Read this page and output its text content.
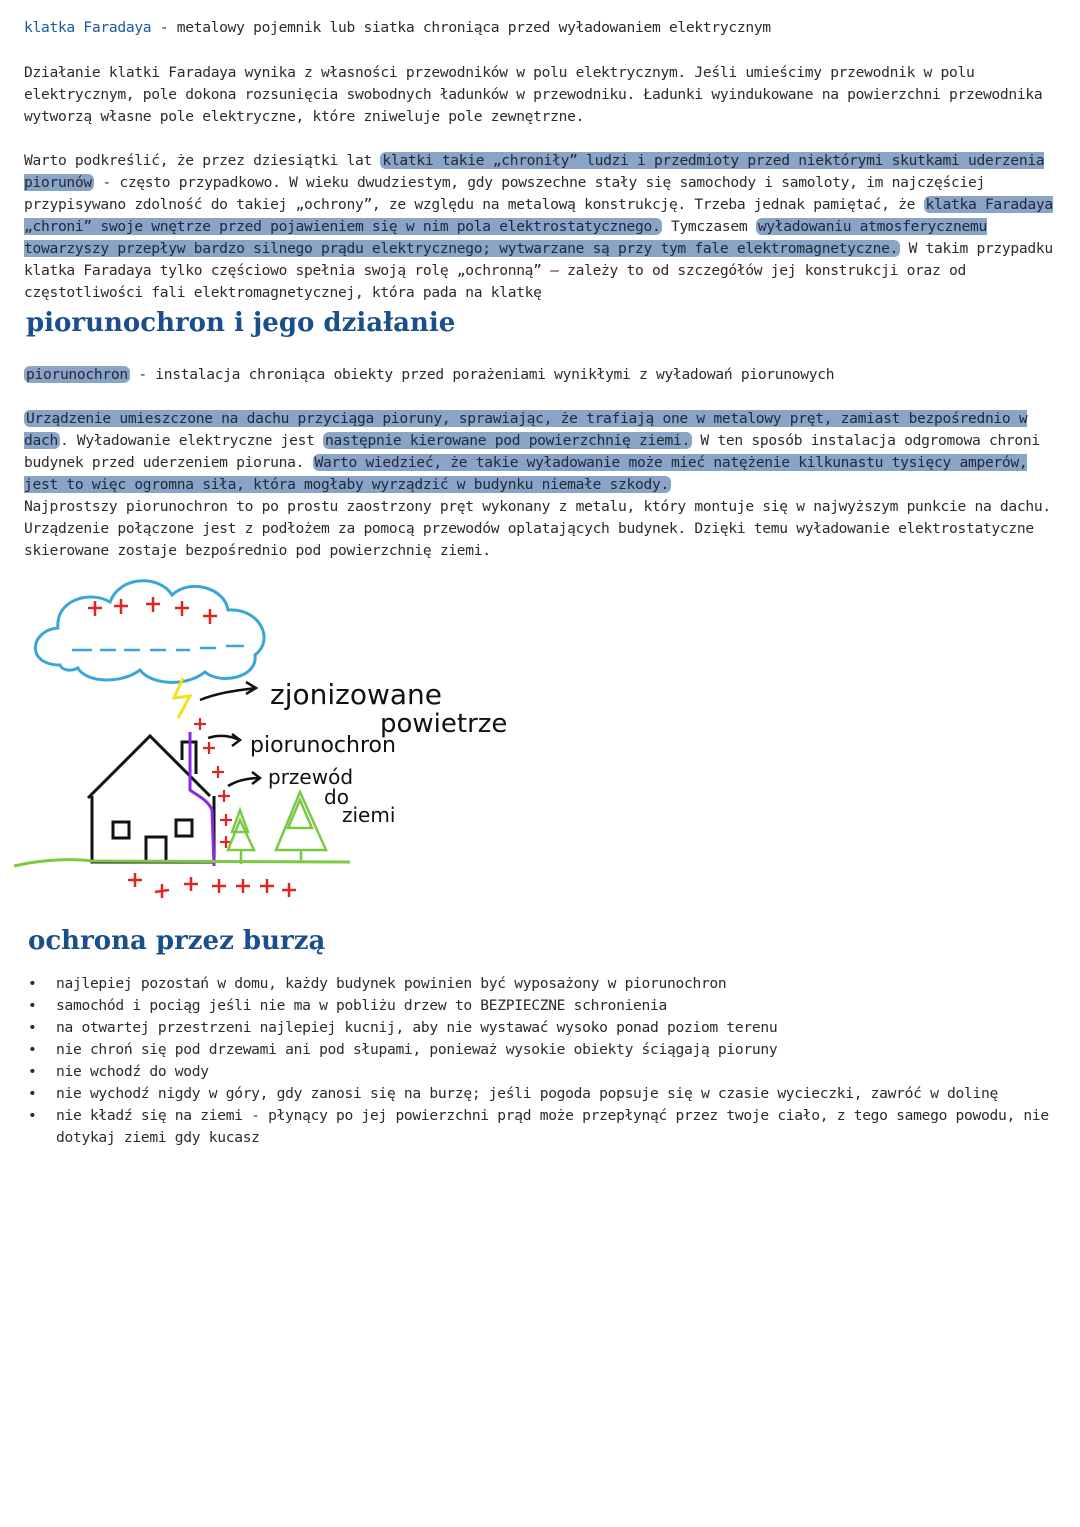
klatka Faradaya - metalowy pojemnik lub siatka chroniąca przed wyładowaniem elektrycznym

Działanie klatki Faradaya wynika z własności przewodników w polu elektrycznym. Jeśli umieścimy przewodnik w polu elektrycznym, pole dokona rozsunięcia swobodnych ładunków w przewodniku. Ładunki wyindukowane na powierzchni przewodnika wytworzą własne pole elektryczne, które zniweluje pole zewnętrzne.

Warto podkreślić, że przez dziesiątki lat klatki takie „chroniły” ludzi i przedmioty przed niektórymi skutkami uderzenia piorunów - często przypadkowo. W wieku dwudziestym, gdy powszechne stały się samochody i samoloty, im najczęściej przypisywano zdolność do takiej „ochrony”, ze względu na metalową konstrukcję. Trzeba jednak pamiętać, że klatka Faradaya „chroni” swoje wnętrze przed pojawieniem się w nim pola elektrostatycznego. Tymczasem wyładowaniu atmosferycznemu towarzyszy przepływ bardzo silnego prądu elektrycznego; wytwarzane są przy tym fale elektromagnetyczne. W takim przypadku klatka Faradaya tylko częściowo spełnia swoją rolę „ochronną” — zależy to od szczegółów jej konstrukcji oraz od częstotliwości fali elektromagnetycznej, która pada na klatkę

piorunochron i jego działanie

piorunochron - instalacja chroniąca obiekty przed porażeniami wynikłymi z wyładowań piorunowych

Urządzenie umieszczone na dachu przyciąga pioruny, sprawiając, że trafiają one w metalowy pręt, zamiast bezpośrednio w dach . Wyładowanie elektryczne jest następnie kierowane pod powierzchnię ziemi. W ten sposób instalacja odgromowa chroni budynek przed uderzeniem pioruna. Warto wiedzieć, że takie wyładowanie może mieć natężenie kilkunastu tysięcy amperów, jest to więc ogromna siła, która mogłaby wyrządzić w budynku niemałe szkody.

Najprostszy piorunochron to po prostu zaostrzony pręt wykonany z metalu, który montuje się w najwyższym punkcie na dachu. Urządzenie połączone jest z podłożem za pomocą przewodów oplatających budynek. Dzięki temu wyładowanie elektrostatyczne skierowane zostaje bezpośrednio pod powierzchnię ziemi.

zjonizowane
powietrze
piorunochron
przewód
do
ziemi
ochrona przez burzą
• najlepiej pozostań w domu, każdy budynek powinien być wyposażony w piorunochron
• samochód i pociąg jeśli nie ma w pobliżu drzew to BEZPIECZNE schronienia
• na otwartej przestrzeni najlepiej kucnij, aby nie wystawać wysoko ponad poziom terenu
• nie chroń się pod drzewami ani pod słupami, ponieważ wysokie obiekty ściągają pioruny
• nie wchodź do wody
• nie wychodź nigdy w góry, gdy zanosi się na burzę; jeśli pogoda popsuje się w czasie wycieczki, zawróć w dolinę
• nie kładź się na ziemi - płynący po jej powierzchni prąd może przepłynąć przez twoje ciało, z tego samego powodu, nie dotykaj ziemi gdy kucasz
